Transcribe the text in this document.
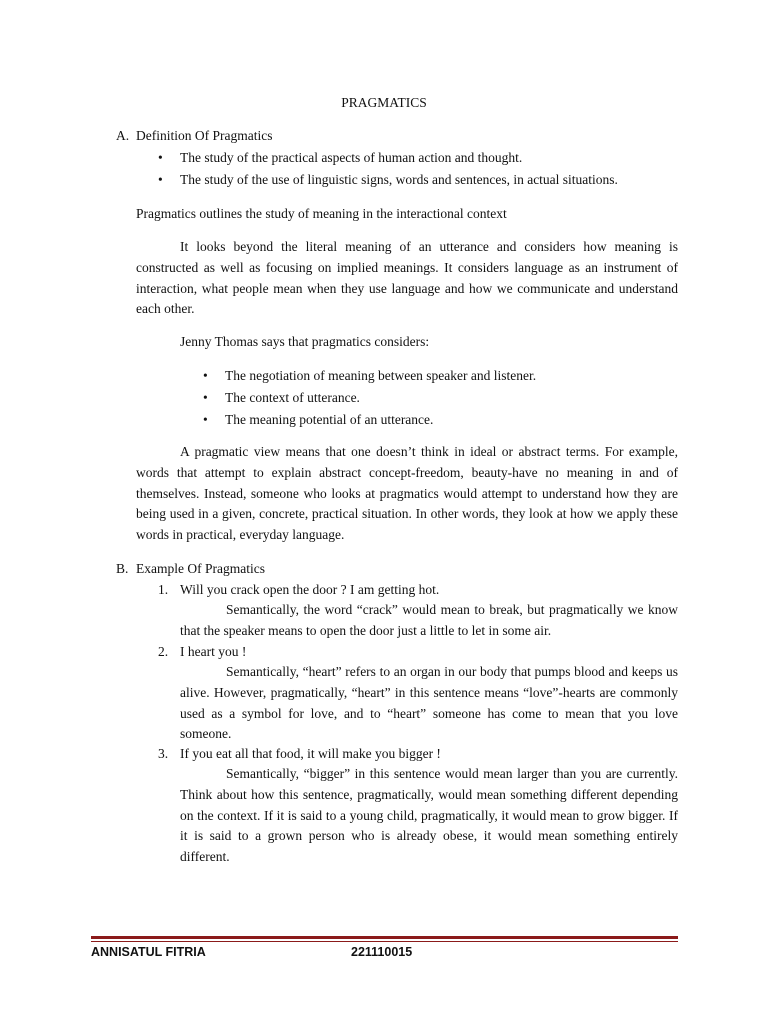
PRAGMATICS
A. Definition Of Pragmatics
• The study of the practical aspects of human action and thought.
• The study of the use of linguistic signs, words and sentences, in actual situations.
Pragmatics outlines the study of meaning in the interactional context
It looks beyond the literal meaning of an utterance and considers how meaning is constructed as well as focusing on implied meanings. It considers language as an instrument of interaction, what people mean when they use language and how we communicate and understand each other.
Jenny Thomas says that pragmatics considers:
• The negotiation of meaning between speaker and listener.
• The context of utterance.
• The meaning potential of an utterance.
A pragmatic view means that one doesn’t think in ideal or abstract terms. For example, words that attempt to explain abstract concept-freedom, beauty-have no meaning in and of themselves. Instead, someone who looks at pragmatics would attempt to understand how they are being used in a given, concrete, practical situation. In other words, they look at how we apply these words in practical, everyday language.
B. Example Of Pragmatics
1. Will you crack open the door ? I am getting hot.
Semantically, the word “crack” would mean to break, but pragmatically we know that the speaker means to open the door just a little to let in some air.
2. I heart you !
Semantically, “heart” refers to an organ in our body that pumps blood and keeps us alive. However, pragmatically, “heart” in this sentence means “love”-hearts are commonly used as a symbol for love, and to “heart” someone has come to mean that you love someone.
3. If you eat all that food, it will make you bigger !
Semantically, “bigger” in this sentence would mean larger than you are currently. Think about how this sentence, pragmatically, would mean something different depending on the context. If it is said to a young child, pragmatically, it would mean to grow bigger. If it is said to a grown person who is already obese, it would mean something entirely different.
ANNISATUL FITRIA	221110015
